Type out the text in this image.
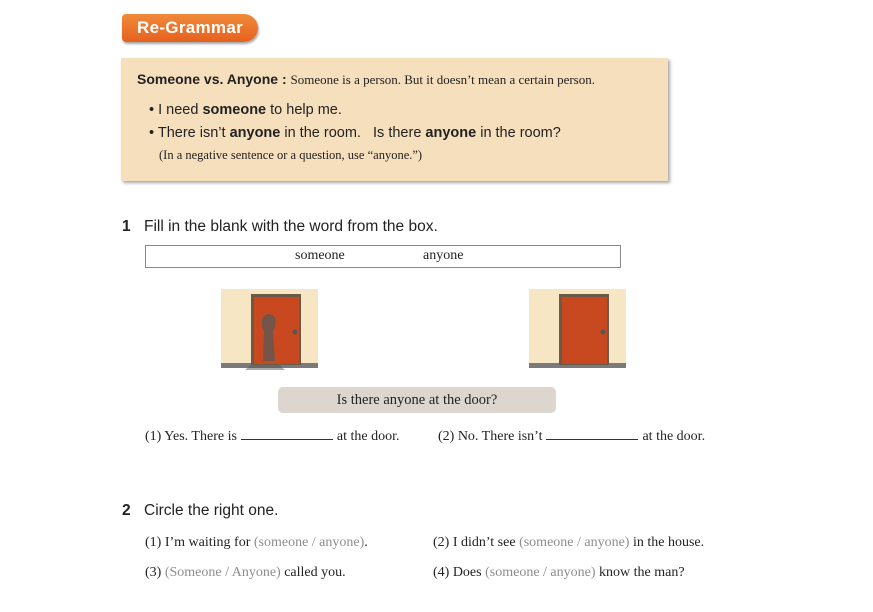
Re-Grammar
Someone vs. Anyone : Someone is a person. But it doesn’t mean a certain person.
• I need someone to help me.
• There isn’t anyone in the room.   Is there anyone in the room?
(In a negative sentence or a question, use “anyone.”)
1 Fill in the blank with the word from the box.
someone	anyone
Is there anyone at the door?
(1) Yes. There is	at the door.	(2) No. There isn’t	at the door.
2 Circle the right one.
(1) I’m waiting for (someone / anyone).	(2) I didn’t see (someone / anyone) in the house.
(3) (Someone / Anyone) called you.	(4) Does (someone / anyone) know the man?
